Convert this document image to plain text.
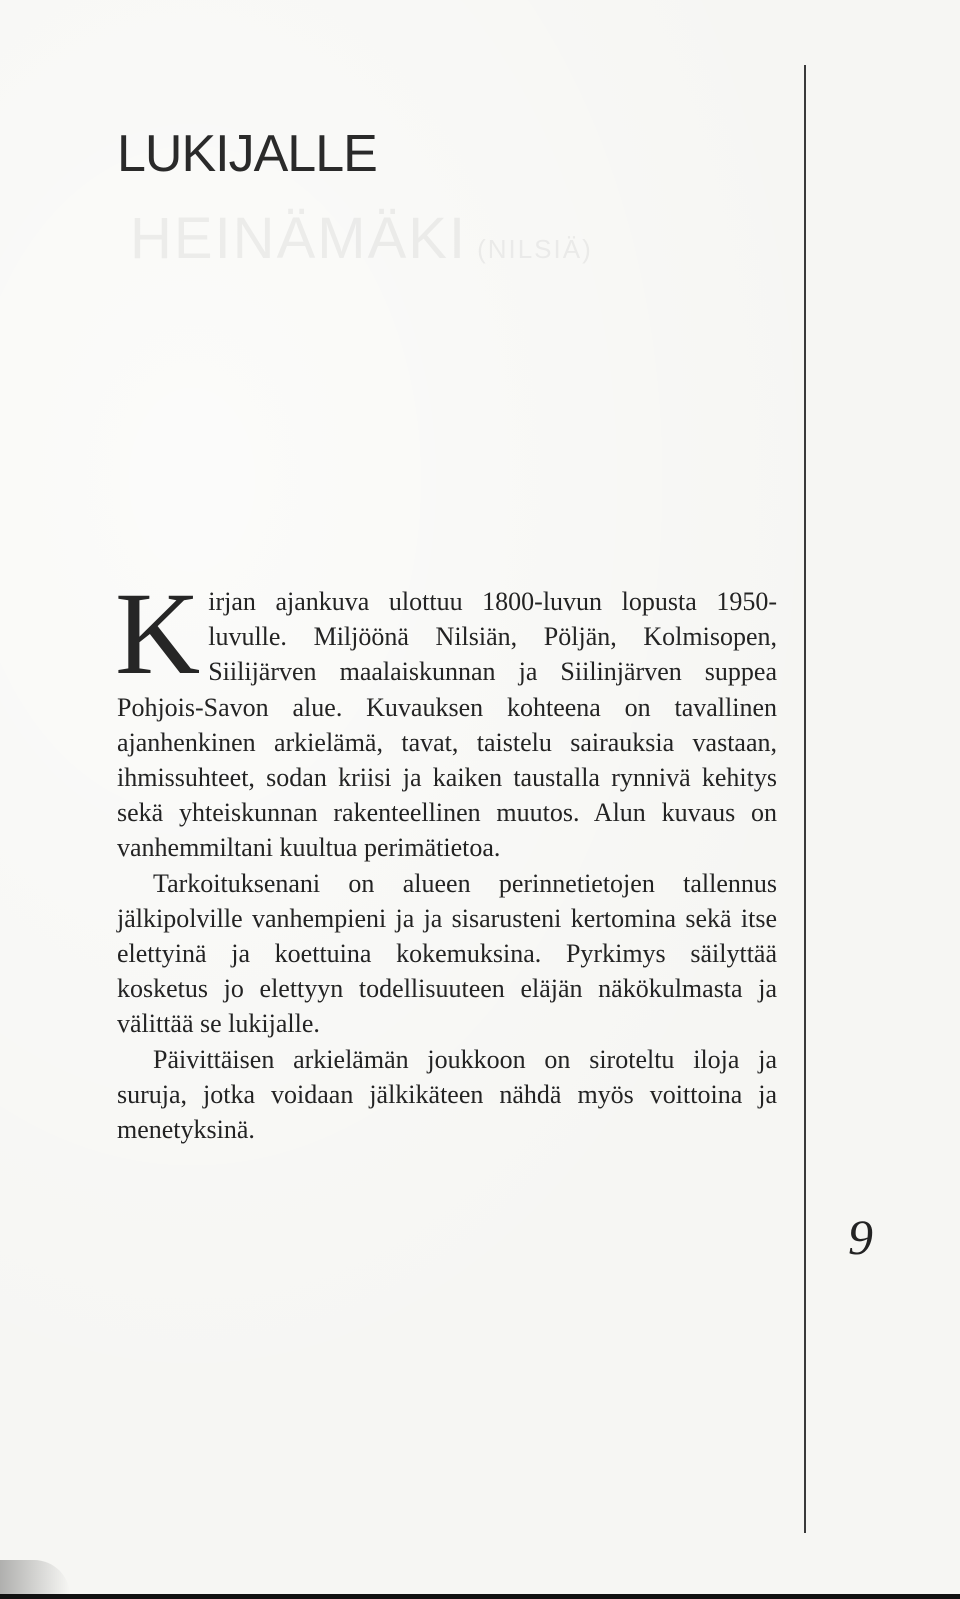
HEINÄMÄKI (NILSIÄ)
LUKIJALLE

Kirjan ajankuva ulottuu 1800-luvun lopusta 1950-luvulle. Miljöönä Nilsiän, Pöljän, Kolmisopen, Siilijärven maalaiskunnan ja Siilinjärven suppea Pohjois-Savon alue. Kuvauksen kohteena on tavallinen ajanhenkinen arkielämä, tavat, taistelu sairauksia vastaan, ihmissuhteet, sodan kriisi ja kaiken taustalla rynnivä kehitys sekä yhteiskunnan rakenteellinen muutos. Alun kuvaus on vanhemmiltani kuultua perimätietoa.

Tarkoituksenani on alueen perinnetietojen tallennus jälkipolville vanhempieni ja ja sisarusteni kertomina sekä itse elettyinä ja koettuina kokemuksina. Pyrkimys säilyttää kosketus jo elettyyn todellisuuteen eläjän näkökulmasta ja välittää se lukijalle.

Päivittäisen arkielämän joukkoon on siroteltu iloja ja suruja, jotka voidaan jälkikäteen nähdä myös voittoina ja menetyksinä.

9
